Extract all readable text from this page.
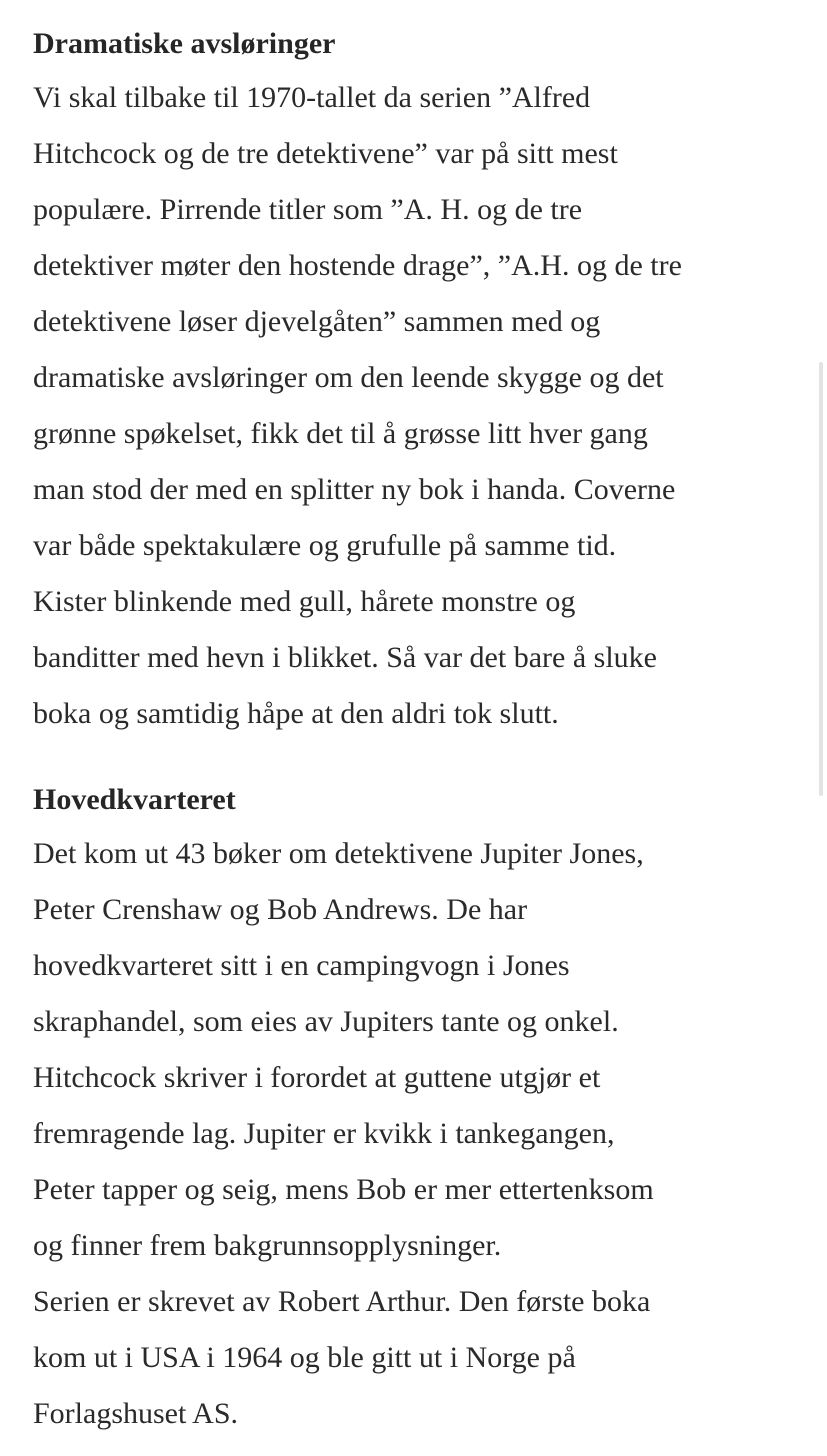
Dramatiske avsløringer

Vi skal tilbake til 1970-tallet da serien ”Alfred
Hitchcock og de tre detektivene” var på sitt mest
populære. Pirrende titler som ”A. H. og de tre
detektiver møter den hostende drage”, ”A.H. og de tre
detektivene løser djevelgåten” sammen med og
dramatiske avsløringer om den leende skygge og det
grønne spøkelset, fikk det til å grøsse litt hver gang
man stod der med en splitter ny bok i handa. Coverne
var både spektakulære og grufulle på samme tid.
Kister blinkende med gull, hårete monstre og
banditter med hevn i blikket. Så var det bare å sluke
boka og samtidig håpe at den aldri tok slutt.

Hovedkvarteret

Det kom ut 43 bøker om detektivene Jupiter Jones,
Peter Crenshaw og Bob Andrews. De har
hovedkvarteret sitt i en campingvogn i Jones
skraphandel, som eies av Jupiters tante og onkel.
Hitchcock skriver i forordet at guttene utgjør et
fremragende lag. Jupiter er kvikk i tankegangen,
Peter tapper og seig, mens Bob er mer ettertenksom
og finner frem bakgrunnsopplysninger.

Serien er skrevet av Robert Arthur. Den første boka
kom ut i USA i 1964 og ble gitt ut i Norge på
Forlagshuset AS.
